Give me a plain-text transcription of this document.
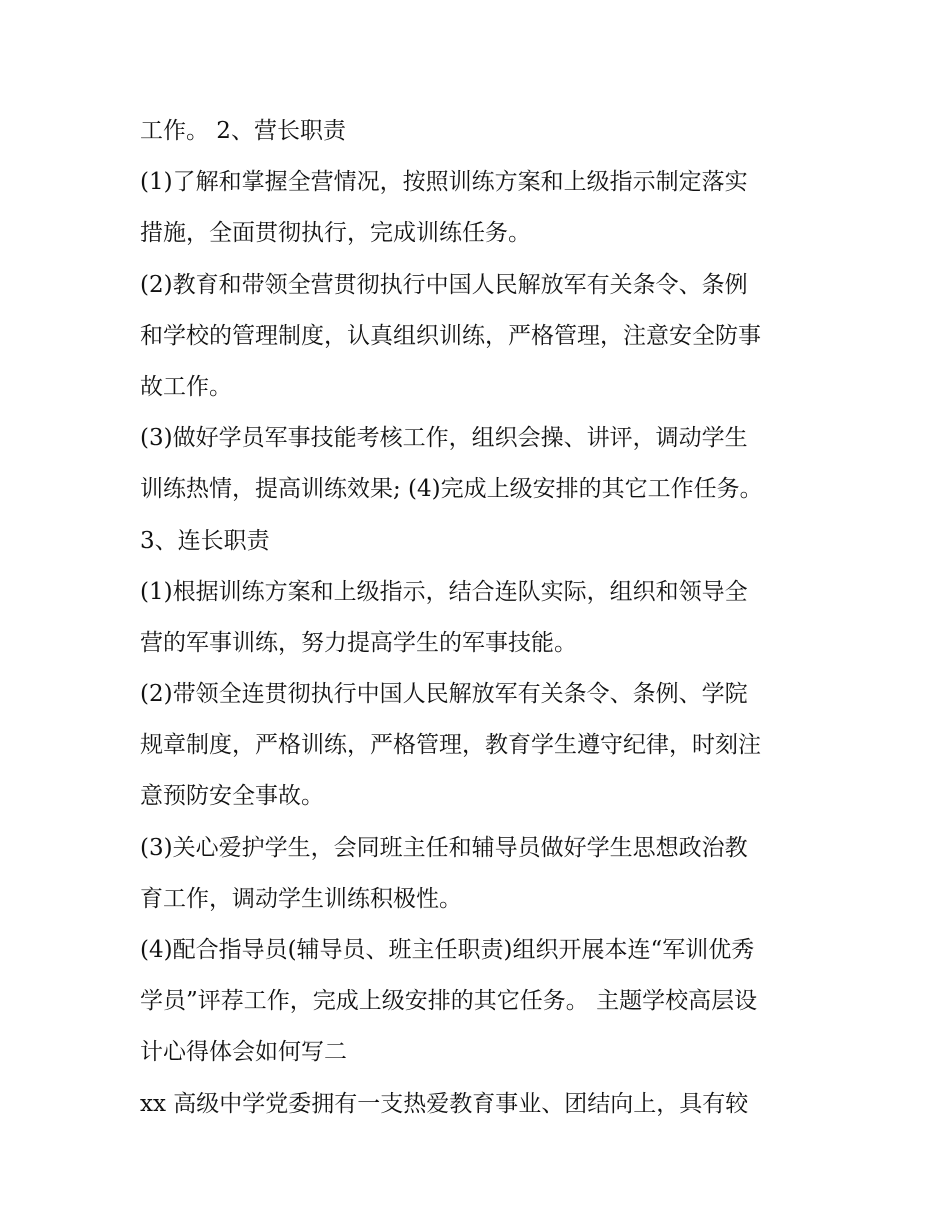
工作。 2、营长职责
(1)了解和掌握全营情况，按照训练方案和上级指示制定落实
措施，全面贯彻执行，完成训练任务。
(2)教育和带领全营贯彻执行中国人民解放军有关条令、条例
和学校的管理制度，认真组织训练，严格管理，注意安全防事
故工作。
(3)做好学员军事技能考核工作，组织会操、讲评，调动学生
训练热情，提高训练效果; (4)完成上级安排的其它工作任务。
3、连长职责
(1)根据训练方案和上级指示，结合连队实际，组织和领导全
营的军事训练，努力提高学生的军事技能。
(2)带领全连贯彻执行中国人民解放军有关条令、条例、学院
规章制度，严格训练，严格管理，教育学生遵守纪律，时刻注
意预防安全事故。
(3)关心爱护学生，会同班主任和辅导员做好学生思想政治教
育工作，调动学生训练积极性。
(4)配合指导员(辅导员、班主任职责)组织开展本连“军训优秀
学员”评荐工作，完成上级安排的其它任务。 主题学校高层设
计心得体会如何写二
xx 高级中学党委拥有一支热爱教育事业、团结向上，具有较
